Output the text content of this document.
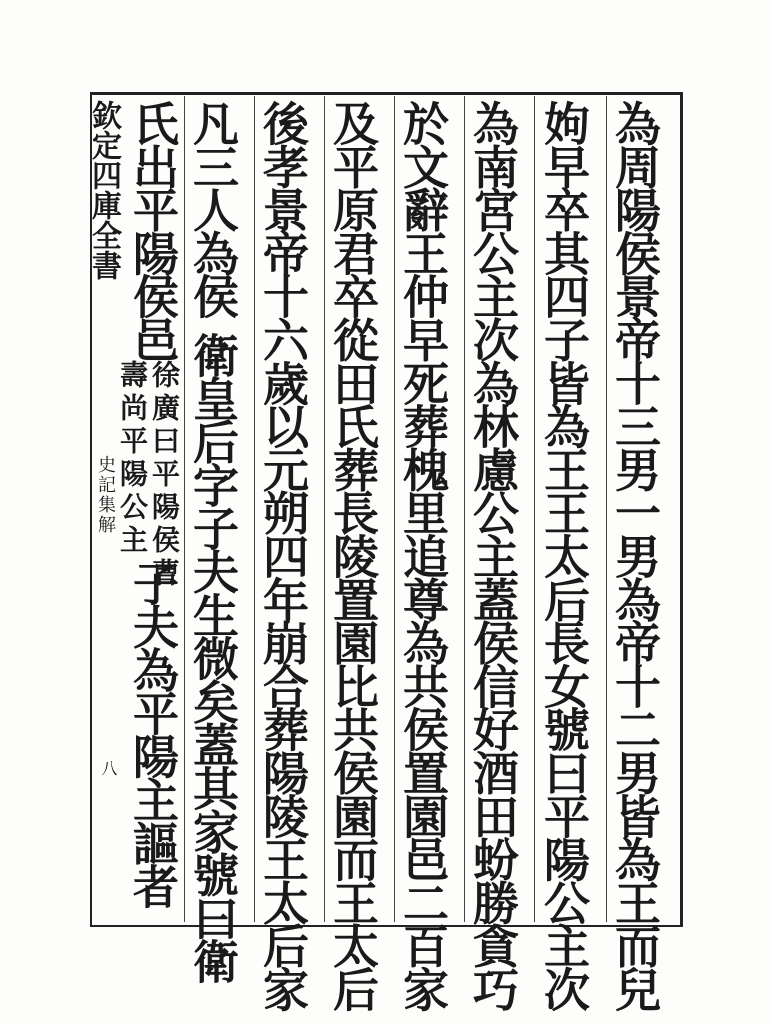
欽定四庫全書
史記集解
八	為周陽侯景帝十三男一男為帝十二男皆為王而兒
姁早卒其四子皆為王王太后長女號曰平陽公主次
為南宮公主次為林慮公主蓋侯信好酒田蚡勝貪巧
於文辭王仲早死葬槐里追尊為共侯置園邑二百家
及平原君卒從田氏葬長陵置園比共侯園而王太后
後孝景帝十六歲以元朔四年崩合葬陽陵王太后家
凡三人為侯
衛皇后字子夫生微矣蓋其家號曰衛
氏出平陽侯邑
徐廣曰平陽侯曹
壽尚平陽公主
子夫為平陽主謳者
